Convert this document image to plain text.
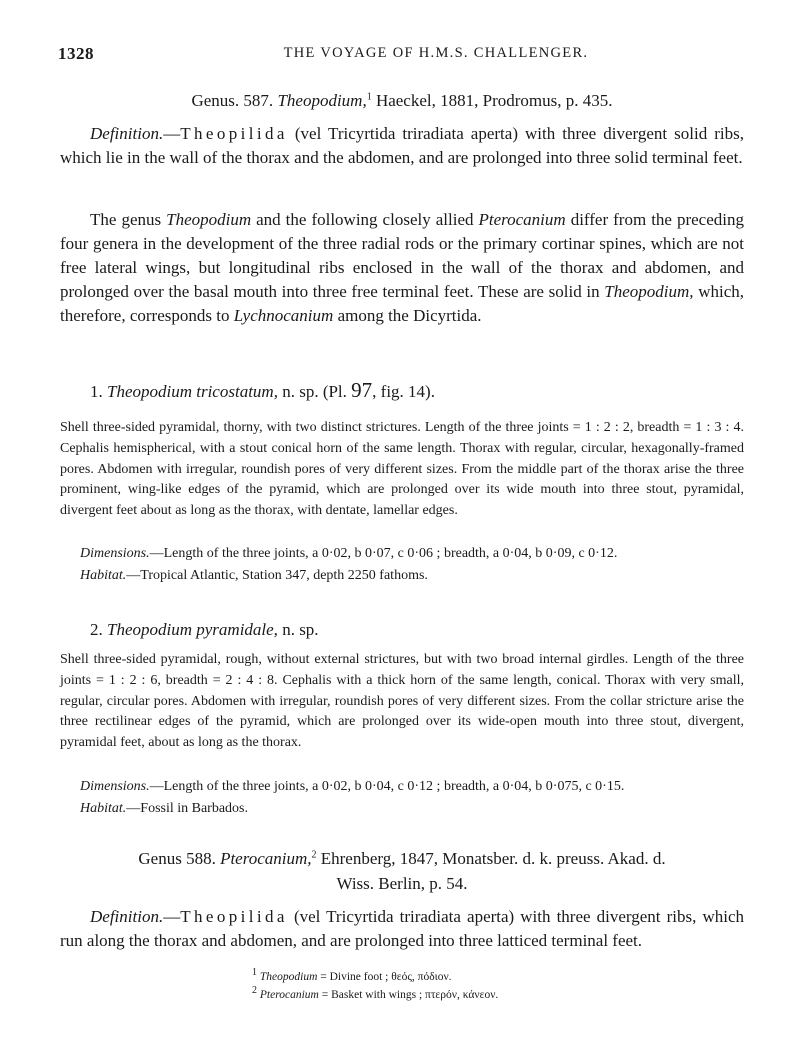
1328	THE VOYAGE OF H.M.S. CHALLENGER.
Genus. 587. Theopodium,$^1$ Haeckel, 1881, Prodromus, p. 435.

Definition.—Theopilida (vel Tricyrtida triradiata aperta) with three divergent solid ribs, which lie in the wall of the thorax and the abdomen, and are prolonged into three solid terminal feet.

The genus Theopodium and the following closely allied Pterocanium differ from the preceding four genera in the development of the three radial rods or the primary cortinar spines, which are not free lateral wings, but longitudinal ribs enclosed in the wall of the thorax and abdomen, and prolonged over the basal mouth into three free terminal feet. These are solid in Theopodium, which, therefore, corresponds to Lychnocanium among the Dicyrtida.

1. Theopodium tricostatum, n. sp. (Pl. 97, fig. 14).

Shell three-sided pyramidal, thorny, with two distinct strictures. Length of the three joints = 1 : 2 : 2, breadth = 1 : 3 : 4. Cephalis hemispherical, with a stout conical horn of the same length. Thorax with regular, circular, hexagonally-framed pores. Abdomen with irregular, roundish pores of very different sizes. From the middle part of the thorax arise the three prominent, wing-like edges of the pyramid, which are prolonged over its wide mouth into three stout, pyramidal, divergent feet about as long as the thorax, with dentate, lamellar edges.

Dimensions.—Length of the three joints, a 0·02, b 0·07, c 0·06 ; breadth, a 0·04, b 0·09, c 0·12.
Habitat.—Tropical Atlantic, Station 347, depth 2250 fathoms.
2. Theopodium pyramidale, n. sp.

Shell three-sided pyramidal, rough, without external strictures, but with two broad internal girdles. Length of the three joints = 1 : 2 : 6, breadth = 2 : 4 : 8. Cephalis with a thick horn of the same length, conical. Thorax with very small, regular, circular pores. Abdomen with irregular, roundish pores of very different sizes. From the collar stricture arise the three rectilinear edges of the pyramid, which are prolonged over its wide-open mouth into three stout, divergent, pyramidal feet, about as long as the thorax.

Dimensions.—Length of the three joints, a 0·02, b 0·04, c 0·12 ; breadth, a 0·04, b 0·075, c 0·15.
Habitat.—Fossil in Barbados.
Genus 588. Pterocanium,$^2$ Ehrenberg, 1847, Monatsber. d. k. preuss. Akad. d.
Wiss. Berlin, p. 54.

Definition.—Theopilida (vel Tricyrtida triradiata aperta) with three divergent ribs, which run along the thorax and abdomen, and are prolonged into three latticed terminal feet.

$^1$ Theopodium = Divine foot ; θεός, πόδιον.
$^2$ Pterocanium = Basket with wings ; πτερόν, κάνεον.
